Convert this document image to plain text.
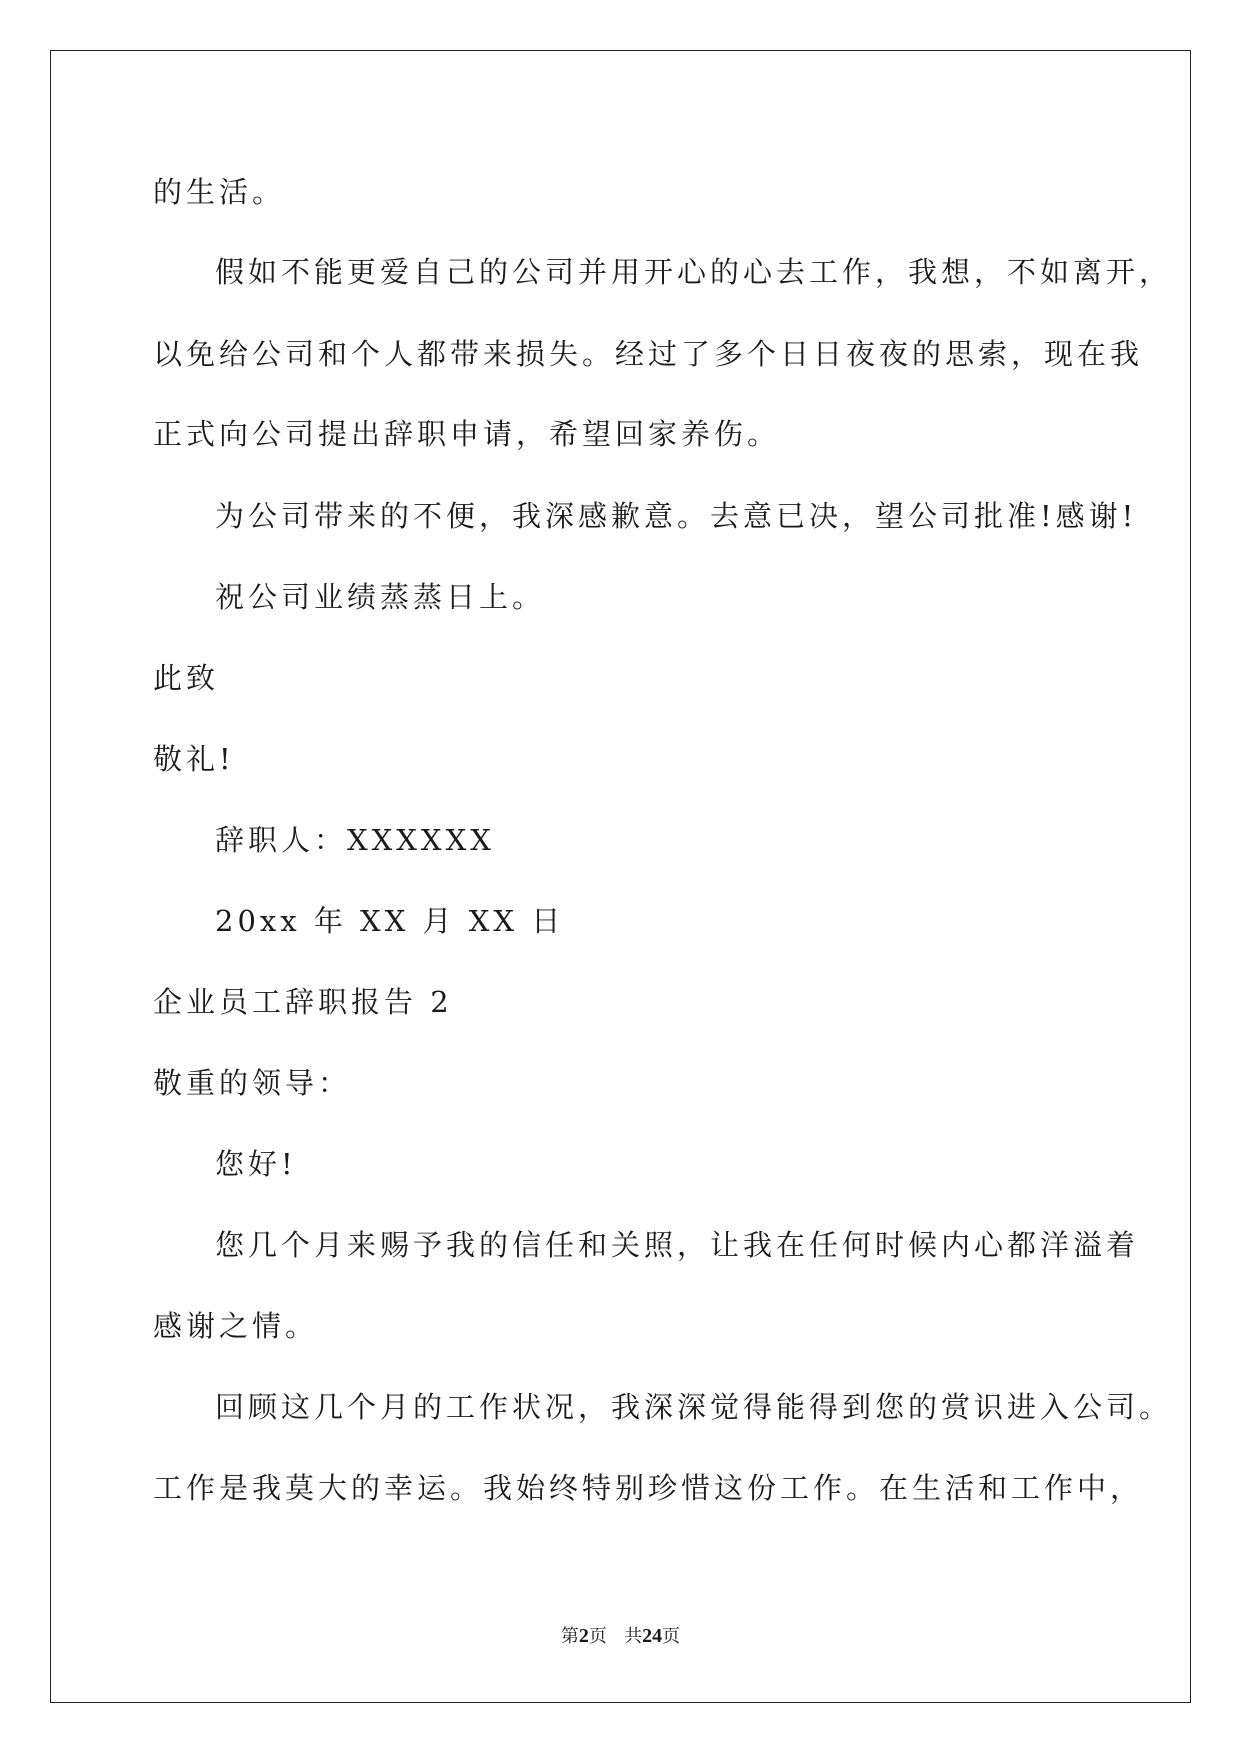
的生活。
假如不能更爱自己的公司并用开心的心去工作，我想，不如离开，
以免给公司和个人都带来损失。经过了多个日日夜夜的思索，现在我
正式向公司提出辞职申请，希望回家养伤。
为公司带来的不便，我深感歉意。去意已决，望公司批准!感谢!
祝公司业绩蒸蒸日上。
此致
敬礼!
辞职人：XXXXXX
20xx 年 XX 月 XX 日
企业员工辞职报告 2
敬重的领导：
您好!
您几个月来赐予我的信任和关照，让我在任何时候内心都洋溢着
感谢之情。
回顾这几个月的工作状况，我深深觉得能得到您的赏识进入公司。
工作是我莫大的幸运。我始终特别珍惜这份工作。在生活和工作中，
第2页 共24页
